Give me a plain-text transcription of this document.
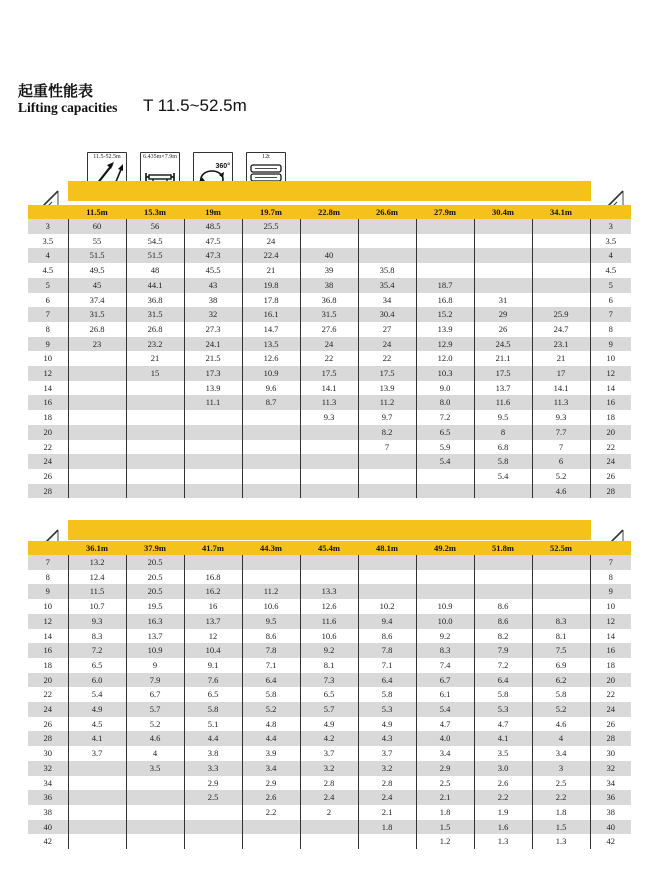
起重性能表
Lifting capacities T 11.5~52.5m
11.5-52.5m	6.435m×7.9m
360°
12t
	11.5m	15.3m	19m	19.7m	22.8m	26.6m	27.9m	30.4m	34.1m	
3	60	56	48.5	25.5						3
3.5	55	54.5	47.5	24						3.5
4	51.5	51.5	47.3	22.4	40					4
4.5	49.5	48	45.5	21	39	35.8				4.5
5	45	44.1	43	19.8	38	35.4	18.7			5
6	37.4	36.8	38	17.8	36.8	34	16.8	31		6
7	31.5	31.5	32	16.1	31.5	30.4	15.2	29	25.9	7
8	26.8	26.8	27.3	14.7	27.6	27	13.9	26	24.7	8
9	23	23.2	24.1	13.5	24	24	12.9	24.5	23.1	9
10		21	21.5	12.6	22	22	12.0	21.1	21	10
12		15	17.3	10.9	17.5	17.5	10.3	17.5	17	12
14			13.9	9.6	14.1	13.9	9.0	13.7	14.1	14
16			11.1	8.7	11.3	11.2	8.0	11.6	11.3	16
18					9.3	9.7	7.2	9.5	9.3	18
20						8.2	6.5	8	7.7	20
22						7	5.9	6.8	7	22
24							5.4	5.8	6	24
26								5.4	5.2	26
28									4.6	28
	36.1m	37.9m	41.7m	44.3m	45.4m	48.1m	49.2m	51.8m	52.5m	
7	13.2	20.5								7
8	12.4	20.5	16.8							8
9	11.5	20.5	16.2	11.2	13.3					9
10	10.7	19.5	16	10.6	12.6	10.2	10.9	8.6		10
12	9.3	16.3	13.7	9.5	11.6	9.4	10.0	8.6	8.3	12
14	8.3	13.7	12	8.6	10.6	8.6	9.2	8.2	8.1	14
16	7.2	10.9	10.4	7.8	9.2	7.8	8.3	7.9	7.5	16
18	6.5	9	9.1	7.1	8.1	7.1	7.4	7.2	6.9	18
20	6.0	7.9	7.6	6.4	7.3	6.4	6.7	6.4	6.2	20
22	5.4	6.7	6.5	5.8	6.5	5.8	6.1	5.8	5.8	22
24	4.9	5.7	5.8	5.2	5.7	5.3	5.4	5.3	5.2	24
26	4.5	5.2	5.1	4.8	4.9	4.9	4.7	4.7	4.6	26
28	4.1	4.6	4.4	4.4	4.2	4.3	4.0	4.1	4	28
30	3.7	4	3.8	3.9	3.7	3.7	3.4	3.5	3.4	30
32		3.5	3.3	3.4	3.2	3.2	2.9	3.0	3	32
34			2.9	2.9	2.8	2.8	2.5	2.6	2.5	34
36			2.5	2.6	2.4	2.4	2.1	2.2	2.2	36
38				2.2	2	2.1	1.8	1.9	1.8	38
40						1.8	1.5	1.6	1.5	40
42							1.2	1.3	1.3	42
